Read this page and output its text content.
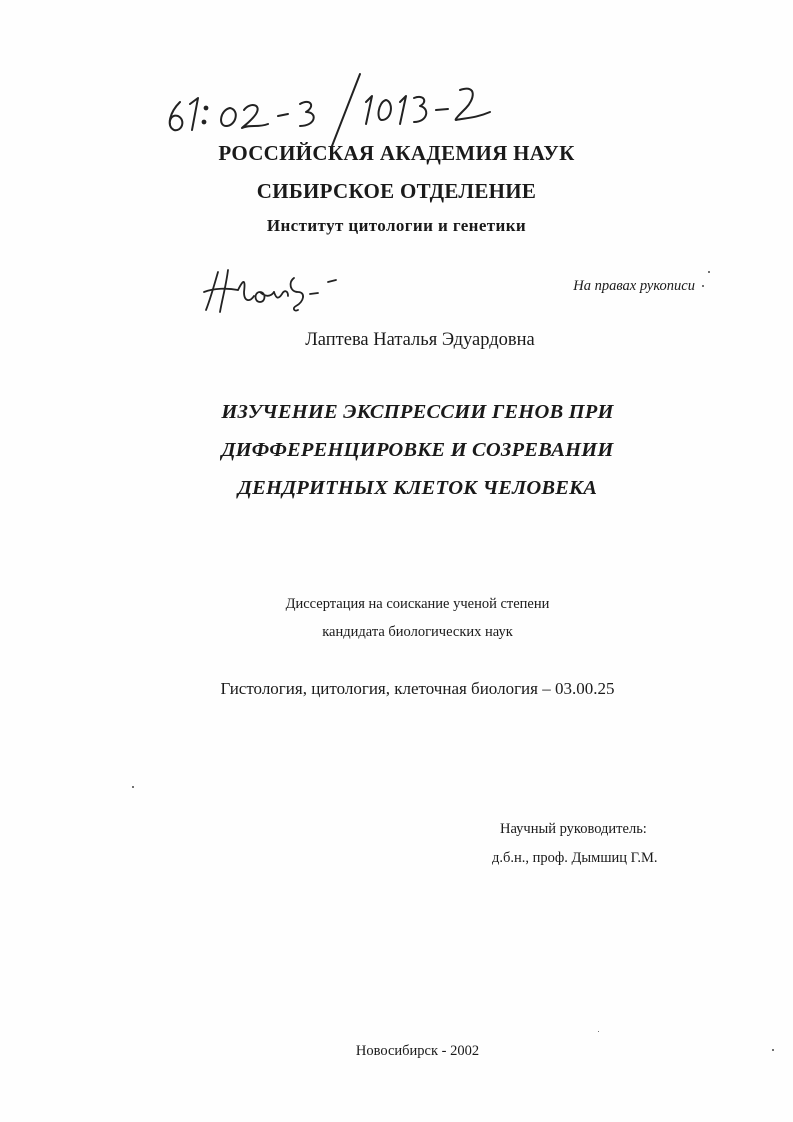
РОССИЙСКАЯ АКАДЕМИЯ НАУК
СИБИРСКОЕ ОТДЕЛЕНИЕ
Институт цитологии и генетики
На правах рукописи
Лаптева Наталья Эдуардовна
ИЗУЧЕНИЕ ЭКСПРЕССИИ ГЕНОВ ПРИ
ДИФФЕРЕНЦИРОВКЕ И СОЗРЕВАНИИ
ДЕНДРИТНЫХ КЛЕТОК ЧЕЛОВЕКА
Диссертация на соискание ученой степени
кандидата биологических наук
Гистология, цитология, клеточная биология – 03.00.25
Научный руководитель:
д.б.н., проф. Дымшиц Г.М.
Новосибирск - 2002
